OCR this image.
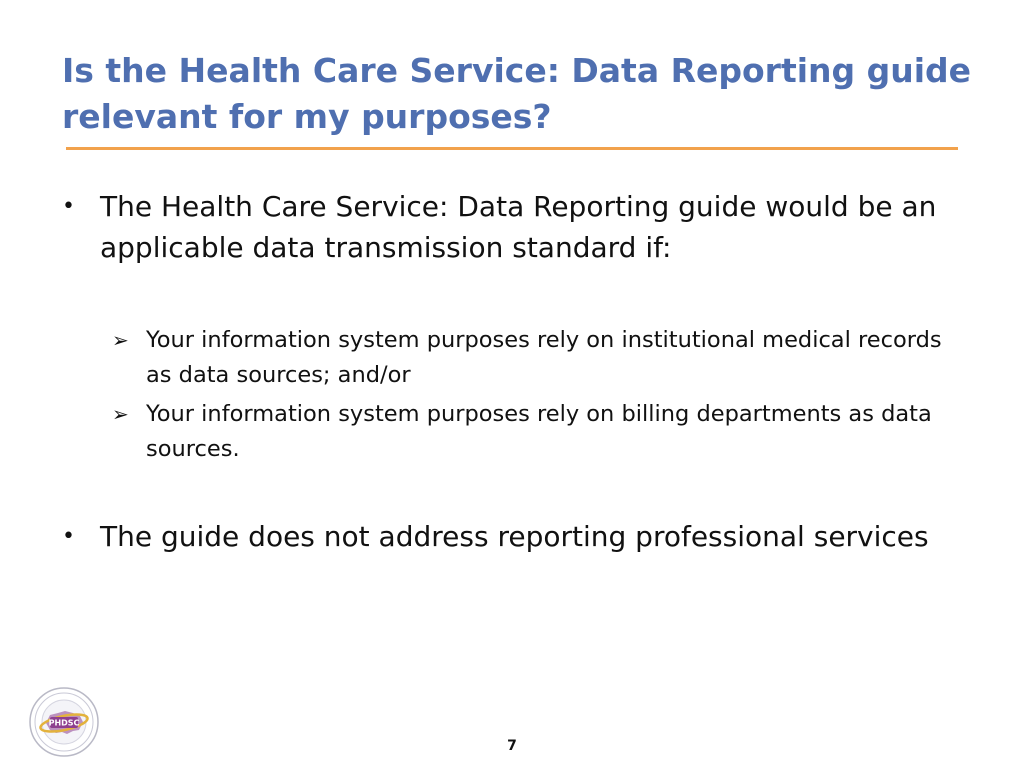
Is the Health Care Service: Data Reporting guide relevant for my purposes?
• The Health Care Service: Data Reporting guide would be an applicable data transmission standard if:
➢ Your information system purposes rely on institutional medical records as data sources; and/or
➢ Your information system purposes rely on billing departments as data sources.
• The guide does not address reporting professional services
PHDSC
7
